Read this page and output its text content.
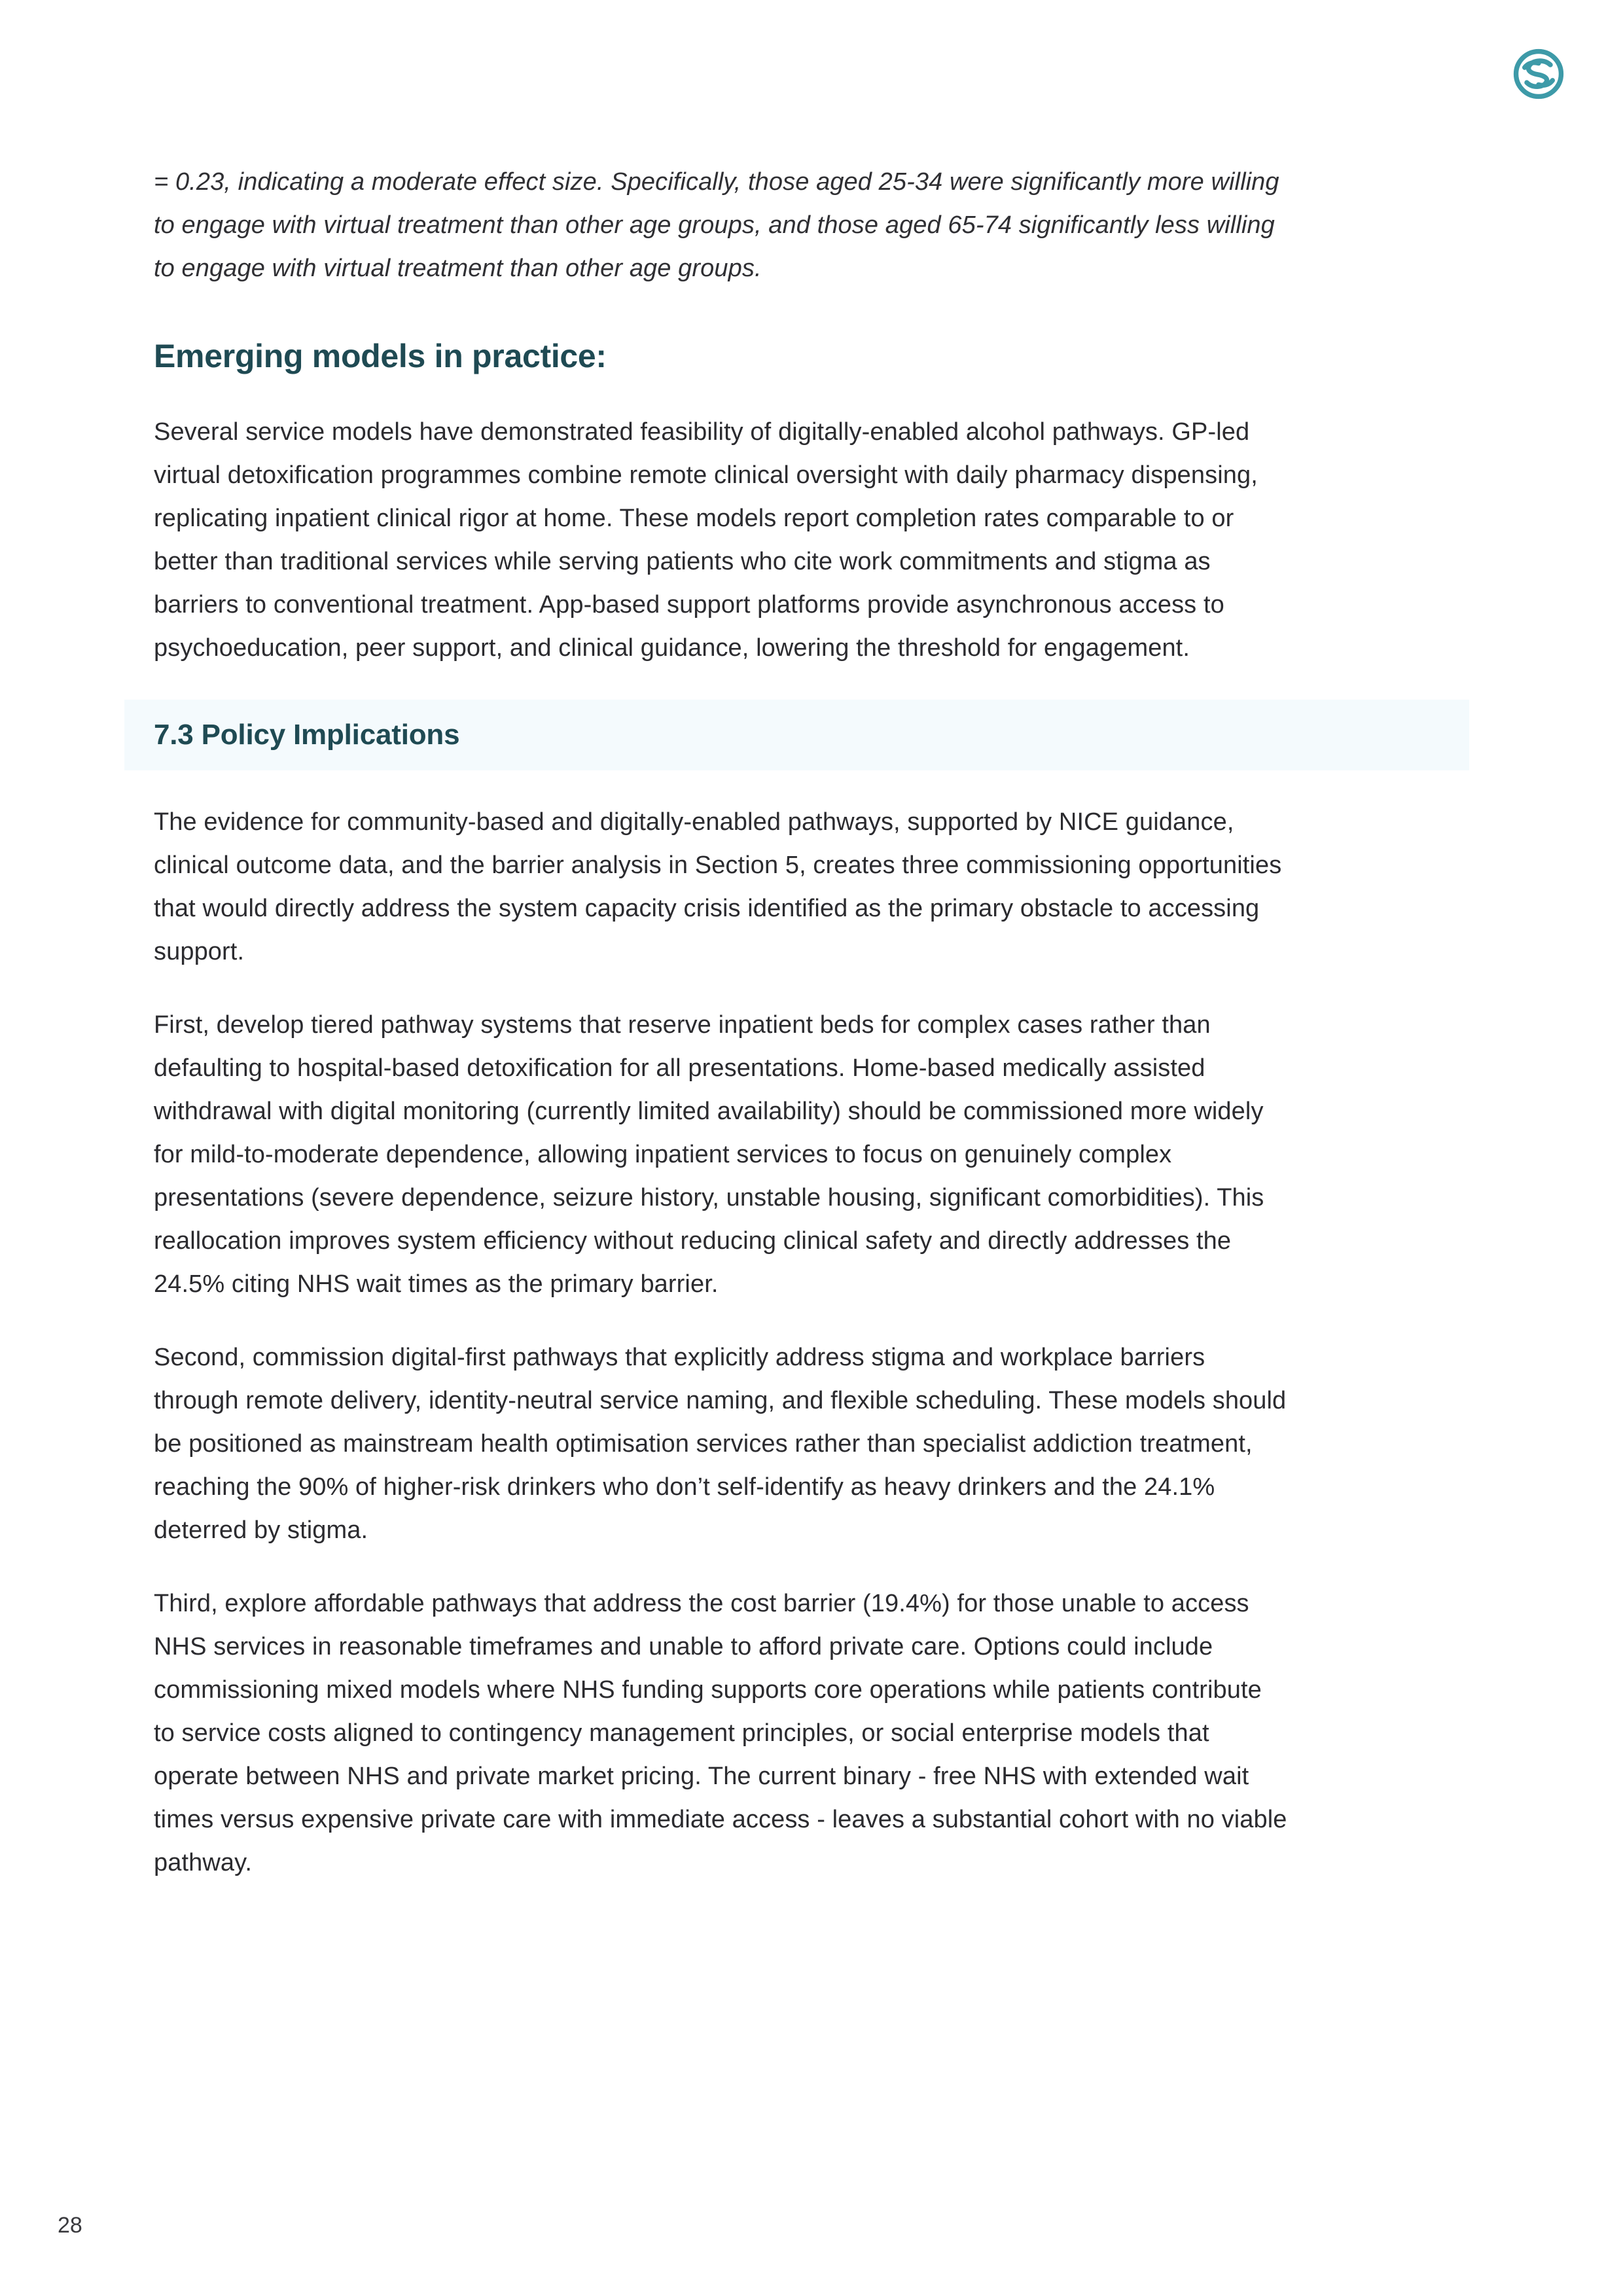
= 0.23, indicating a moderate effect size. Specifically, those aged 25-34 were significantly more willing to engage with virtual treatment than other age groups, and those aged 65-74 significantly less willing to engage with virtual treatment than other age groups.

Emerging models in practice:

Several service models have demonstrated feasibility of digitally-enabled alcohol pathways. GP-led virtual detoxification programmes combine remote clinical oversight with daily pharmacy dispensing, replicating inpatient clinical rigor at home. These models report completion rates comparable to or better than traditional services while serving patients who cite work commitments and stigma as barriers to conventional treatment. App-based support platforms provide asynchronous access to psychoeducation, peer support, and clinical guidance, lowering the threshold for engagement.

7.3 Policy Implications

The evidence for community-based and digitally-enabled pathways, supported by NICE guidance, clinical outcome data, and the barrier analysis in Section 5, creates three commissioning opportunities that would directly address the system capacity crisis identified as the primary obstacle to accessing support.

First, develop tiered pathway systems that reserve inpatient beds for complex cases rather than defaulting to hospital-based detoxification for all presentations. Home-based medically assisted withdrawal with digital monitoring (currently limited availability) should be commissioned more widely for mild-to-moderate dependence, allowing inpatient services to focus on genuinely complex presentations (severe dependence, seizure history, unstable housing, significant comorbidities). This reallocation improves system efficiency without reducing clinical safety and directly addresses the 24.5% citing NHS wait times as the primary barrier.

Second, commission digital-first pathways that explicitly address stigma and workplace barriers through remote delivery, identity-neutral service naming, and flexible scheduling. These models should be positioned as mainstream health optimisation services rather than specialist addiction treatment, reaching the 90% of higher-risk drinkers who don’t self-identify as heavy drinkers and the 24.1% deterred by stigma.

Third, explore affordable pathways that address the cost barrier (19.4%) for those unable to access NHS services in reasonable timeframes and unable to afford private care. Options could include commissioning mixed models where NHS funding supports core operations while patients contribute to service costs aligned to contingency management principles, or social enterprise models that operate between NHS and private market pricing. The current binary - free NHS with extended wait times versus expensive private care with immediate access - leaves a substantial cohort with no viable pathway.

28
